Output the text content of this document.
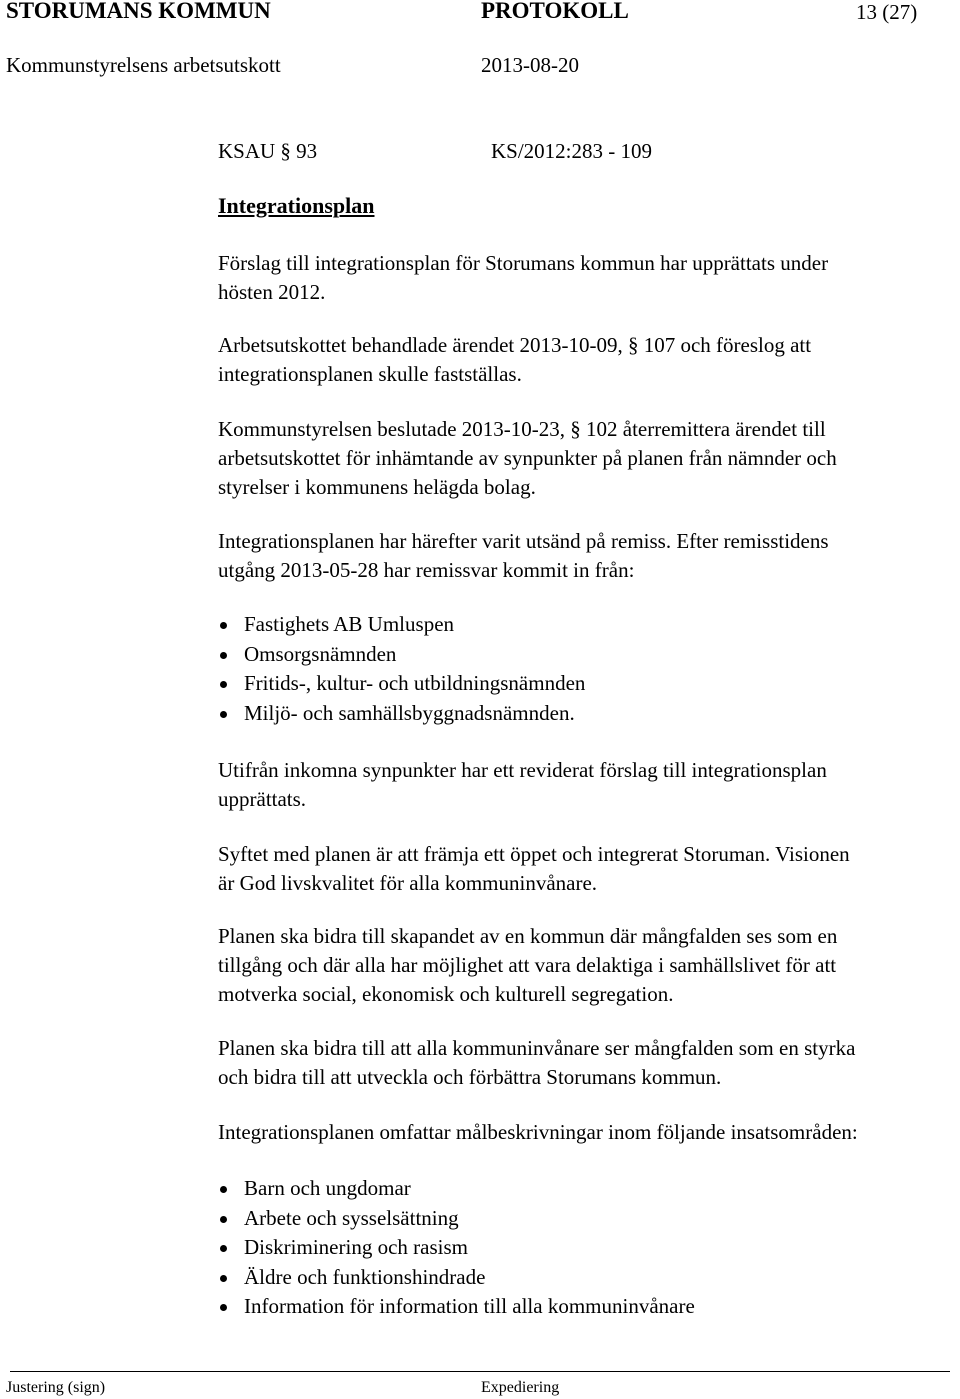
STORUMANS KOMMUN	PROTOKOLL	13 (27)
Kommunstyrelsens arbetsutskott	2013-08-20
KSAU § 93	KS/2012:283 - 109
Integrationsplan
Förslag till integrationsplan för Storumans kommun har upprättats under
hösten 2012.
Arbetsutskottet behandlade ärendet 2013-10-09, § 107 och föreslog att
integrationsplanen skulle fastställas.
Kommunstyrelsen beslutade 2013-10-23, § 102 återremittera ärendet till
arbetsutskottet för inhämtande av synpunkter på planen från nämnder och
styrelser i kommunens helägda bolag.
Integrationsplanen har härefter varit utsänd på remiss. Efter remisstidens
utgång 2013-05-28 har remissvar kommit in från:
Fastighets AB Umluspen
Omsorgsnämnden
Fritids-, kultur- och utbildningsnämnden
Miljö- och samhällsbyggnadsnämnden.
Utifrån inkomna synpunkter har ett reviderat förslag till integrationsplan
upprättats.
Syftet med planen är att främja ett öppet och integrerat Storuman. Visionen
är God livskvalitet för alla kommuninvånare.
Planen ska bidra till skapandet av en kommun där mångfalden ses som en
tillgång och där alla har möjlighet att vara delaktiga i samhällslivet för att
motverka social, ekonomisk och kulturell segregation.
Planen ska bidra till att alla kommuninvånare ser mångfalden som en styrka
och bidra till att utveckla och förbättra Storumans kommun.
Integrationsplanen omfattar målbeskrivningar inom följande insatsområden:
Barn och ungdomar
Arbete och sysselsättning
Diskriminering och rasism
Äldre och funktionshindrade
Information för information till alla kommuninvånare
Justering (sign)	Expediering
